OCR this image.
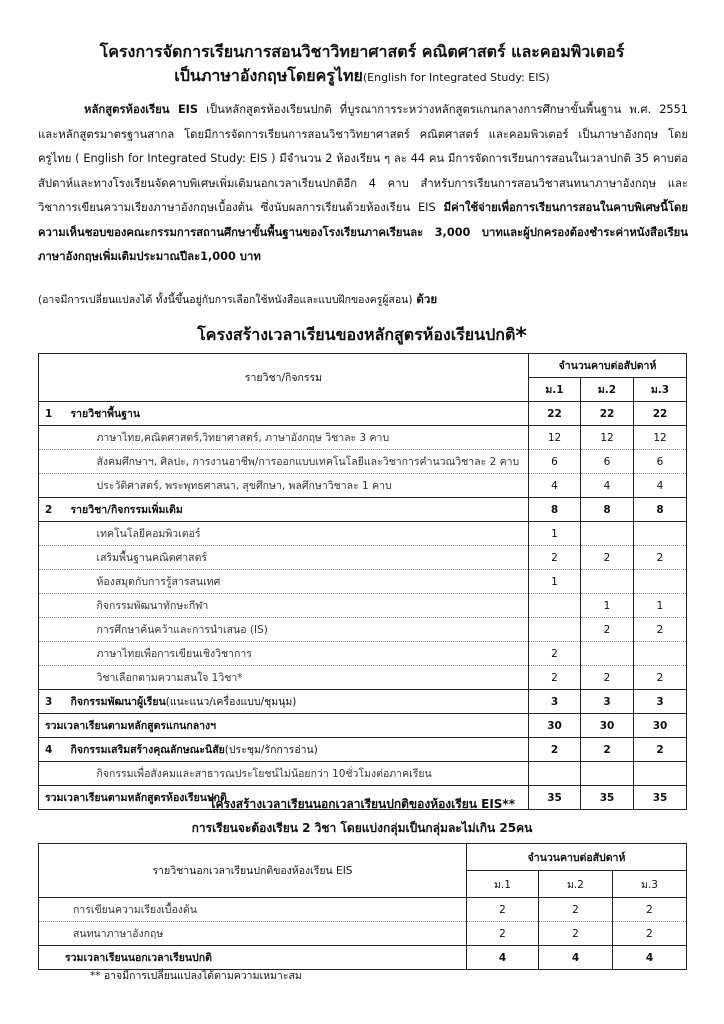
โครงการจัดการเรียนการสอนวิชาวิทยาศาสตร์ คณิตศาสตร์ และคอมพิวเตอร์
เป็นภาษาอังกฤษโดยครูไทย(English for Integrated Study: EIS)

หลักสูตรห้องเรียน EIS เป็นหลักสูตรห้องเรียนปกติ ที่บูรณาการระหว่างหลักสูตรแกนกลางการศึกษาขั้นพื้นฐาน พ.ศ. 2551 และหลักสูตรมาตรฐานสากล โดยมีการจัดการเรียนการสอนวิชาวิทยาศาสตร์ คณิตศาสตร์ และคอมพิวเตอร์ เป็นภาษาอังกฤษ โดยครูไทย ( English for Integrated Study: EIS ) มีจำนวน 2 ห้องเรียน ๆ ละ 44 คน มีการจัดการเรียนการสอนในเวลาปกติ 35 คาบต่อสัปดาห์และทางโรงเรียนจัดคาบพิเศษเพิ่มเติมนอกเวลาเรียนปกติอีก 4 คาบ สำหรับการเรียนการสอนวิชาสนทนาภาษาอังกฤษ และวิชาการเขียนความเรียงภาษาอังกฤษเบื้องต้น ซึ่งนับผลการเรียนด้วยห้องเรียน EIS มีค่าใช้จ่ายเพื่อการเรียนการสอนในคาบพิเศษนี้โดยความเห็นชอบของคณะกรรมการสถานศึกษาขั้นพื้นฐานของโรงเรียนภาคเรียนละ 3,000 บาทและผู้ปกครองต้องชำระค่าหนังสือเรียนภาษาอังกฤษเพิ่มเติมประมาณปีละ1,000 บาท

(อาจมีการเปลี่ยนแปลงได้ ทั้งนี้ขึ้นอยู่กับการเลือกใช้หนังสือและแบบฝึกของครูผู้สอน) ด้วย
โครงสร้างเวลาเรียนของหลักสูตรห้องเรียนปกติ*
รายวิชา/กิจกรรม		จำนวนคาบต่อสัปดาห์		
		ม.1	ม.2	ม.3
1	รายวิชาพื้นฐาน	22	22	22
	ภาษาไทย,คณิตศาสตร์,วิทยาศาสตร์, ภาษาอังกฤษ วิชาละ 3 คาบ	12	12	12
	สังคมศึกษาฯ, ศิลปะ, การงานอาชีพ/การออกแบบเทคโนโลยีและวิชาการคำนวณวิชาละ 2 คาบ	6	6	6
	ประวัติศาสตร์, พระพุทธศาสนา, สุขศึกษา, พลศึกษาวิชาละ 1 คาบ	4	4	4
2	รายวิชา/กิจกรรมเพิ่มเติม	8	8	8
	เทคโนโลยีคอมพิวเตอร์	1		
	เสริมพื้นฐานคณิตศาสตร์	2	2	2
	ห้องสมุดกับการรู้สารสนเทศ	1		
	กิจกรรมพัฒนาทักษะกีฬา		1	1
	การศึกษาค้นคว้าและการนำเสนอ (IS)		2	2
	ภาษาไทยเพื่อการเขียนเชิงวิชาการ	2		
	วิชาเลือกตามความสนใจ 1วิชา*	2	2	2
3	กิจกรรมพัฒนาผู้เรียน(แนะแนว/เครื่องแบบ/ชุมนุม)	3	3	3
รวมเวลาเรียนตามหลักสูตรแกนกลางฯ		30	30	30
4	กิจกรรมเสริมสร้างคุณลักษณะนิสัย(ประชุม/รักการอ่าน)	2	2	2
	กิจกรรมเพื่อสังคมและสาธารณประโยชน์ไม่น้อยกว่า 10ชั่วโมงต่อภาคเรียน			
รวมเวลาเรียนตามหลักสูตรห้องเรียนปกติ		35	35	35
โครงสร้างเวลาเรียนนอกเวลาเรียนปกติของห้องเรียน EIS**
การเรียนจะต้องเรียน 2 วิชา โดยแบ่งกลุ่มเป็นกลุ่มละไม่เกิน 25คน
รายวิชานอกเวลาเรียนปกติของห้องเรียน EIS	จำนวนคาบต่อสัปดาห์		
	ม.1	ม.2	ม.3
การเขียนความเรียงเบื้องต้น	2	2	2
สนทนาภาษาอังกฤษ	2	2	2
รวมเวลาเรียนนอกเวลาเรียนปกติ	4	4	4
** อาจมีการเปลี่ยนแปลงได้ตามความเหมาะสม
